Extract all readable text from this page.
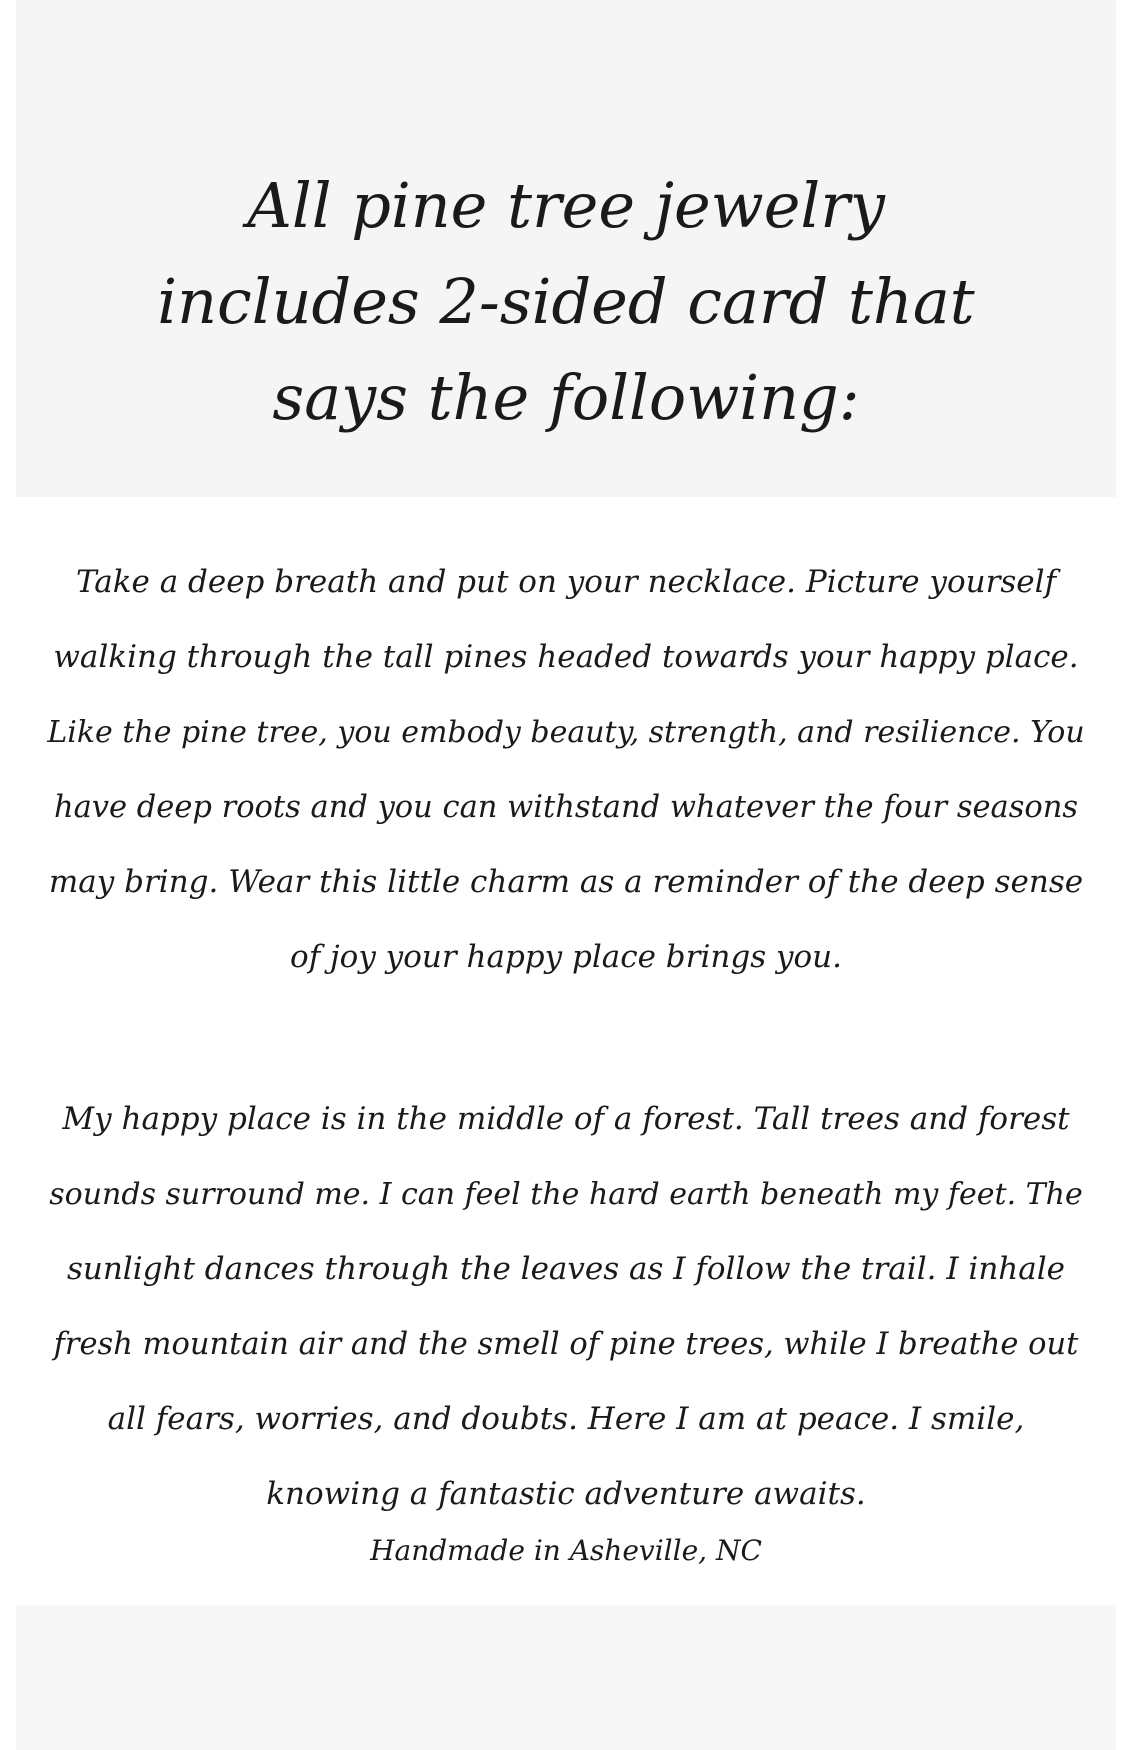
All pine tree jewelry
includes 2-sided card that
says the following:

Take a deep breath and put on your necklace. Picture yourself
walking through the tall pines headed towards your happy place.
Like the pine tree, you embody beauty, strength, and resilience. You
have deep roots and you can withstand whatever the four seasons
may bring. Wear this little charm as a reminder of the deep sense
of joy your happy place brings you.

My happy place is in the middle of a forest. Tall trees and forest
sounds surround me. I can feel the hard earth beneath my feet. The
sunlight dances through the leaves as I follow the trail. I inhale
fresh mountain air and the smell of pine trees, while I breathe out
all fears, worries, and doubts. Here I am at peace. I smile,
knowing a fantastic adventure awaits.

Handmade in Asheville, NC
